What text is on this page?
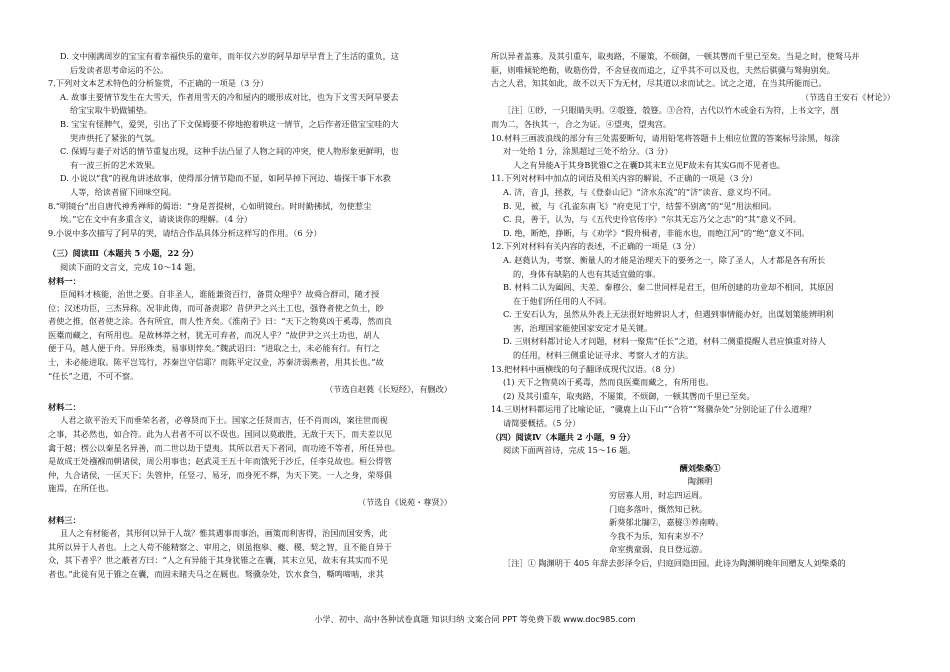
D. 文中刚满周岁的宝宝有着幸福快乐的童年，而年仅六岁的阿旱却早早背上了生活的重负，这
后发读者思考命运的不公。
7.下列对文本艺术特色的分析鉴赏，不正确的一项是（3 分）
A. 故事主要情节发生在大雪天，作者用雪天的冷和屋内的暖形成对比，也为下文雪天阿旱要去
给宝宝取牛奶做铺垫。
B. 宝宝有怪脾气，爱哭，引出了下文保姆要不停地抱着哄这一情节，之后作者还借宝宝哇的大
哭声烘托了紧张的气氛。
C. 保姆与妻子对话的情节重复出现，这种手法凸显了人物之间的冲突，使人物形象更鲜明，也
有一波三折的艺术效果。
D. 小说以“我”的视角讲述故事，使得部分情节隐而不显，如阿旱掉下河边、墙探干事下水救
人等，给读者留下回味空间。
8.“明镜台”出自唐代神秀禅师的偈语：“身是菩提树，心如明镜台。时时勤拂拭，勿使惹尘
埃。”它在文中有多重含义，请谈谈你的理解。（4 分）
9.小说中多次描写了阿旱的哭，请结合作品具体分析这样写的作用。（6 分）
（三）阅读Ⅲ（本题共 5 小题，22 分）
阅读下面的文言文，完成 10～14 题。
材料一：
臣闻料才核能，治世之要。自非圣人，谁能兼资百行，备贯众理乎？故舜合群司，随才授
位；汉述功臣，三杰异称。况非此俦，而可备责耶？昔伊尹之兴土工也，强脊者使之负土，眇
者使之推，伛者使之涂。各有所宜，而人性齐矣。《淮南子》曰：“天下之物莫凶于奚毒，然而良
医橐而藏之，有所用也。是故林莽之材，犹无可弃者，而况人乎？”故伊尹之兴土功也，胡人
便于马，越人便于舟。异形殊类，易事则悖矣。”魏武诏曰：“进取之士，未必能有行。有行之
士，未必能进取。陈平岂笃行，苏秦岂守信耶？而陈平定汉业，苏秦济弱燕者，用其长也。”故
“任长”之道，不可不察。
（节选自赵蕤《长短经》，有删改）
材料二：
人君之欲平治天下而垂荣名者，必尊贤而下士。国家之任贤而吉，任不肖而凶，案往世而视
之事，其必然也，如合符。此为人君者不可以不误也。国同以莫敢胜，无敌于天下，而夫差以见
禽于越；楞公以秦星名异善，而二世以劫于望夷。其所以君天下者同，而功迹不等者，所任异也。
是故成王处襁褓而朝诸侯，周公用事也；赵武灵王五十年而饿死于沙丘，任李兑故也。桓公得管
仲，九合诸侯，一匡天下；失管仲，任竖刁、易牙，而身死不葬，为天下笑。一人之身，荣辱俱
施焉，在所任也。
（节选自《说苑・尊贤》）
材料三：
且人之有材能者，其形何以异于人哉？惟其遇事而事治，画策而利害得，治国而国安秀，此
其所以异于人者也。上之人苟不能精察之、审用之，则虽抱皋、夔、稷、契之智，且不能自异于
众，其下者乎？世之蔽者方曰：“人之有异能于其身犹锥之在囊，其末立见，故未有其实而不见
者也。”此徒有见于锥之在囊，而固未睹夫马之在厩也。驽骥杂处，饮水食刍，嘶鸣啼啮，求其
所以异者盖寡。及其引重车，取夷路，不屡策，不烦御，一顿其辔而千里已至矣。当是之时，使驽马并
驱，则唯倾轮绝勒，败筋伤骨，不舍昼夜而追之，辽乎其不可以及也，夫然后骐骥与驽驹别矣。
古之人君，知其如此，故不以天下为无材，尽其道以求而试之。试之之道，在当其所能而已。
（节选自王安石《材论》）
［注］①眇，一只眼睛失明。②彀簦，彀簦。③合符，古代以竹木或金石为符，上书文字，剖
而为二，各执其一，合之为证。④望夷，望夷宫。
10.材料三画波浪线的部分有三处需要断句，请用铅笔将答题卡上相应位置的答案标号涂黑，每涂
对一处给 1 分，涂黑超过三处不给分。（3 分）
人之有异能A于其身B犹锥C之在囊D其末E立见F故未有其实G而不见者也。
11.下列对材料中加点的词语及相关内容的解说，不正确的一项是（3 分）
A. 济，音 jǐ，拯救，与《登泰山记》“济水东流”的“济”读音、意义均不同。
B. 见，被，与《孔雀东南飞》“府吏见丁宁，结誓不别离”的“见”用法相同。
C. 良，善于，认为，与《五代史伶官传序》“尔其无忘乃父之志”的“其”意义不同。
D. 绝，断绝，挣断，与《劝学》“假舟楫者，非能水也，而绝江河”的“绝”意义不同。
12.下列对材料有关内容的表述，不正确的一项是（3 分）
A. 赵蕤认为，考察、衡量人的才能是治理天下的要务之一，除了圣人，人才都是各有所长
的，身体有缺陷的人也有其适宜做的事。
B. 材料二认为阖闾、夫差、秦穆公、秦二世同样是君王，但所创建的功业却不相同，其原因
在于他们所任用的人不同。
C. 王安石认为，虽然从外表上无法很好地辨识人才，但遇到事情能办好，出谋划策能辨明利
害，治理国家能使国家安定才是关键。
D. 三则材料都讨论人才问题，材料一聚焦“任长”之道，材料二侧重提醒人君应慎重对待人
的任用，材料三侧重论证寻求、考察人才的方法。
13.把材料中画横线的句子翻译成现代汉语。（8 分）
(1) 天下之物莫凶于奚毒，然而良医橐而藏之，有所用也。
(2) 及其引重车，取夷路，不屡策，不烦御，一顿其辔而千里已至矣。
14.三则材料都运用了比喻论证，“骥鹿上山下山”“合符”“驽骥杂处”分别论证了什么道理？
请简要概括。（5 分）
（四）阅读Ⅳ（本题共 2 小题，9 分）
阅读下面两首诗，完成 15～16 题。
酬刘柴桑①
陶渊明
穷居寡人用，时忘四运周。
门庭多落叶，慨然知已秋。
新葵郁北牖②，嘉穟③养南畴。
今我不为乐，知有来岁不？
命室携童弱，良日登远游。
［注］① 陶渊明于 405 年辞去彭泽令后，归庭回隐田园。此诗为陶渊明晚年回赠友人刘柴桑的
小学、初中、高中各种试卷真题 知识归纳 文案合同 PPT 等免费下载 www.doc985.com
